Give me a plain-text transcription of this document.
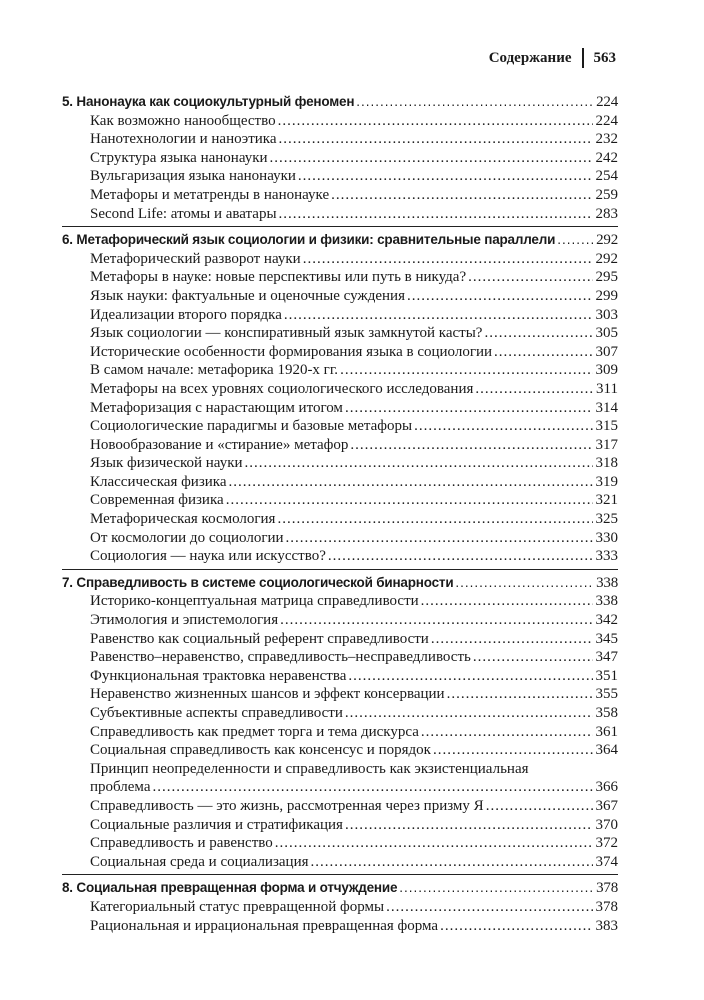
Содержание 563
5. Нанонаука как социокультурный феномен .....	224
Как возможно нанообщество .....	224
Нанотехнологии и наноэтика .....	232
Структура языка нанонауки .....	242
Вульгаризация языка нанонауки .....	254
Метафоры и метатренды в нанонауке .....	259
Second Life: атомы и аватары .....	283
6. Метафорический язык социологии и физики: сравнительные параллели .....	292
Метафорический разворот науки .....	292
Метафоры в науке: новые перспективы или путь в никуда? .....	295
Язык науки: фактуальные и оценочные суждения .....	299
Идеализации второго порядка .....	303
Язык социологии — конспиративный язык замкнутой касты? .....	305
Исторические особенности формирования языка в социологии .....	307
В самом начале: метафорика 1920-х гг. .....	309
Метафоры на всех уровнях социологического исследования .....	311
Метафоризация с нарастающим итогом .....	314
Социологические парадигмы и базовые метафоры .....	315
Новообразование и «стирание» метафор .....	317
Язык физической науки .....	318
Классическая физика .....	319
Современная физика .....	321
Метафорическая космология .....	325
От космологии до социологии .....	330
Социология — наука или искусство? .....	333
7. Справедливость в системе социологической бинарности .....	338
Историко-концептуальная матрица справедливости .....	338
Этимология и эпистемология .....	342
Равенство как социальный референт справедливости .....	345
Равенство–неравенство, справедливость–несправедливость .....	347
Функциональная трактовка неравенства .....	351
Неравенство жизненных шансов и эффект консервации .....	355
Субъективные аспекты справедливости .....	358
Справедливость как предмет торга и тема дискурса .....	361
Социальная справедливость как консенсус и порядок .....	364
Принцип неопределенности и справедливость как экзистенциальная
проблема .....	366
Справедливость — это жизнь, рассмотренная через призму Я .....	367
Социальные различия и стратификация .....	370
Справедливость и равенство .....	372
Социальная среда и социализация .....	374
8. Социальная превращенная форма и отчуждение .....	378
Категориальный статус превращенной формы .....	378
Рациональная и иррациональная превращенная форма .....	383
